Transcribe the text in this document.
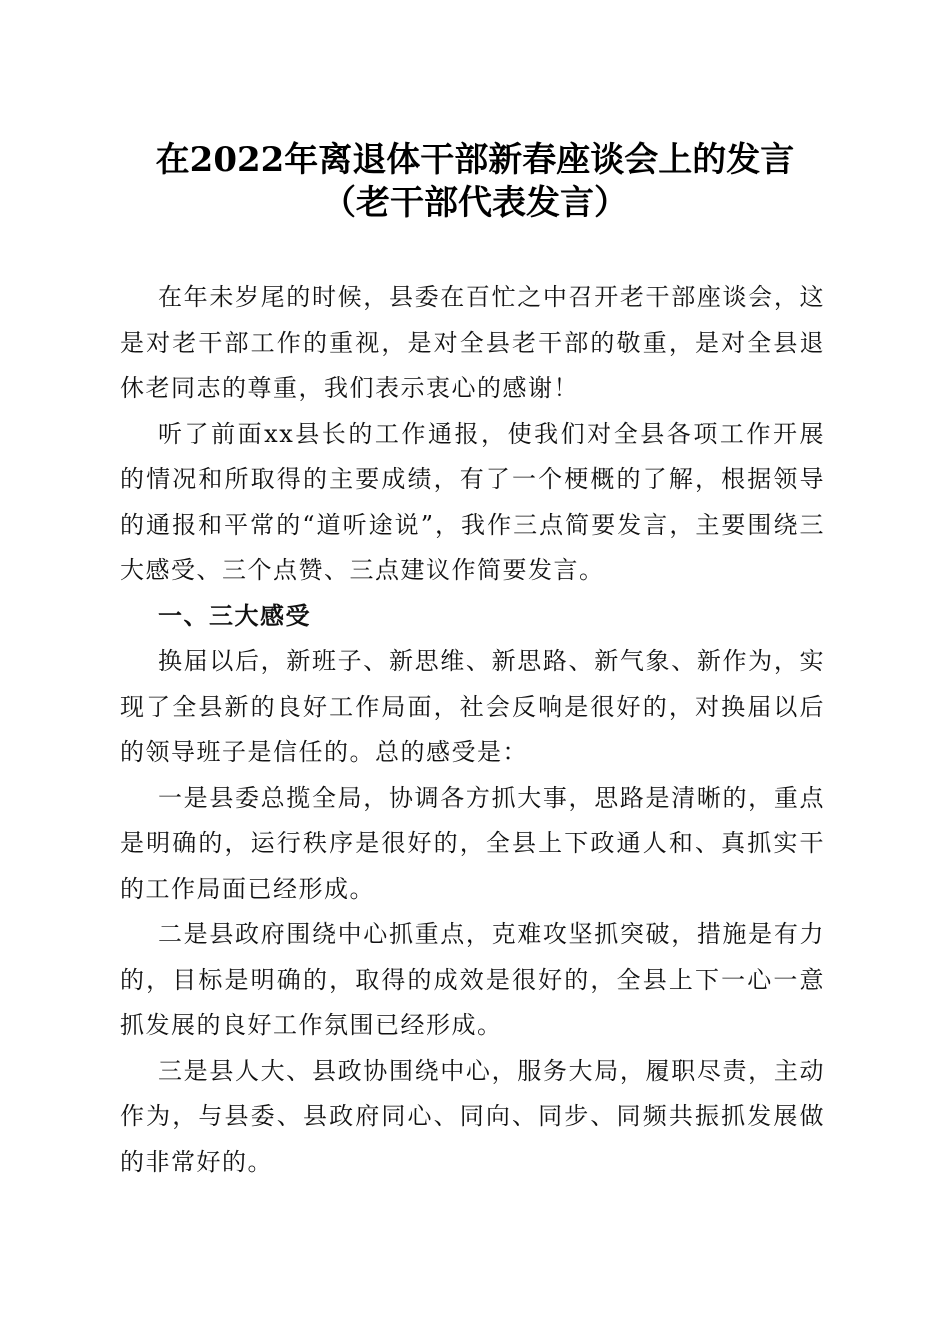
在2022年离退体干部新春座谈会上的发言
（老干部代表发言）

在年未岁尾的时候，县委在百忙之中召开老干部座谈会，这是对老干部工作的重视，是对全县老干部的敬重，是对全县退休老同志的尊重，我们表示衷心的感谢！

听了前面xx县长的工作通报，使我们对全县各项工作开展的情况和所取得的主要成绩，有了一个梗概的了解，根据领导的通报和平常的“道听途说”，我作三点简要发言，主要围绕三大感受、三个点赞、三点建议作简要发言。

一、三大感受

换届以后，新班子、新思维、新思路、新气象、新作为，实现了全县新的良好工作局面，社会反响是很好的，对换届以后的领导班子是信任的。总的感受是：

一是县委总揽全局，协调各方抓大事，思路是清晰的，重点是明确的，运行秩序是很好的，全县上下政通人和、真抓实干的工作局面已经形成。

二是县政府围绕中心抓重点，克难攻坚抓突破，措施是有力的，目标是明确的，取得的成效是很好的，全县上下一心一意抓发展的良好工作氛围已经形成。

三是县人大、县政协围绕中心，服务大局，履职尽责，主动作为，与县委、县政府同心、同向、同步、同频共振抓发展做的非常好的。
